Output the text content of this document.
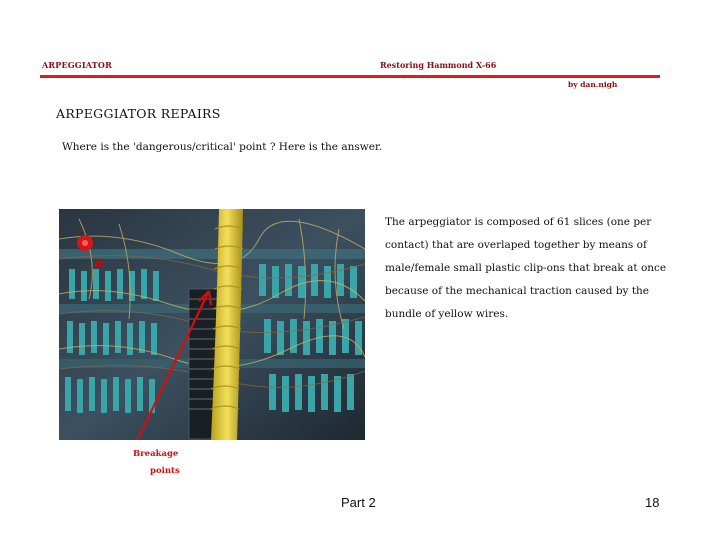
ARPEGGIATOR	Restoring Hammond X-66
by dan.nigh
ARPEGGIATOR REPAIRS
Where is the 'dangerous/critical' point ? Here is the answer.
The arpeggiator is composed of 61 slices (one per contact) that are overlaped together by means of male/female small plastic clip-ons that break at once because of the mechanical traction caused by the bundle of yellow wires.
Breakage
points
Part 2	18
